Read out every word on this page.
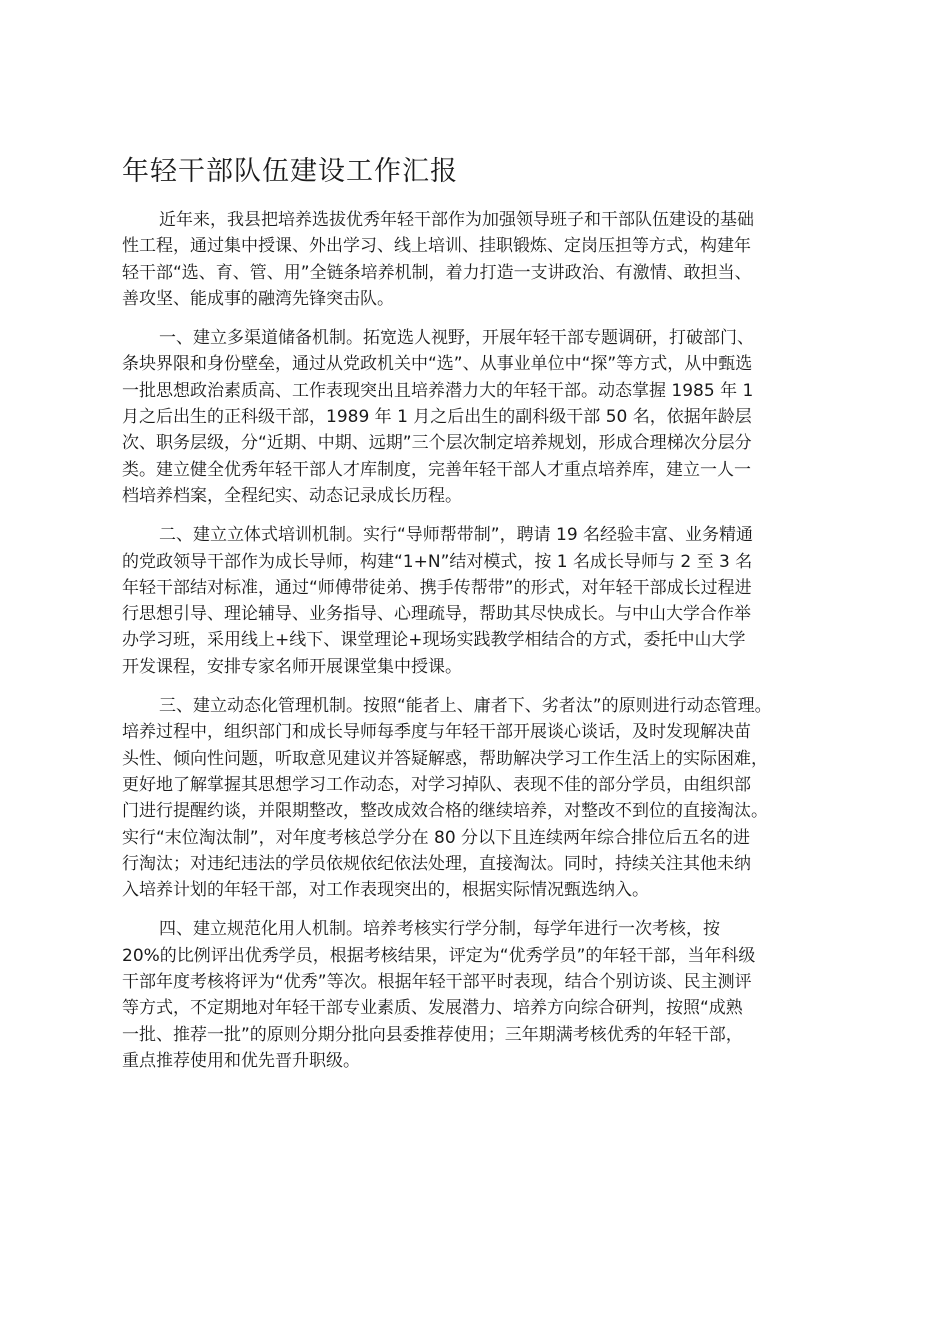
年轻干部队伍建设工作汇报

近年来，我县把培养选拔优秀年轻干部作为加强领导班子和干部队伍建设的基础
性工程，通过集中授课、外出学习、线上培训、挂职锻炼、定岗压担等方式，构建年
轻干部“选、育、管、用”全链条培养机制，着力打造一支讲政治、有激情、敢担当、
善攻坚、能成事的融湾先锋突击队。

一、建立多渠道储备机制。拓宽选人视野，开展年轻干部专题调研，打破部门、
条块界限和身份壁垒，通过从党政机关中“选”、从事业单位中“探”等方式，从中甄选
一批思想政治素质高、工作表现突出且培养潜力大的年轻干部。动态掌握 1985 年 1
月之后出生的正科级干部，1989 年 1 月之后出生的副科级干部 50 名，依据年龄层
次、职务层级，分“近期、中期、远期”三个层次制定培养规划，形成合理梯次分层分
类。建立健全优秀年轻干部人才库制度，完善年轻干部人才重点培养库，建立一人一
档培养档案，全程纪实、动态记录成长历程。

二、建立立体式培训机制。实行“导师帮带制”，聘请 19 名经验丰富、业务精通
的党政领导干部作为成长导师，构建“1+N”结对模式，按 1 名成长导师与 2 至 3 名
年轻干部结对标准，通过“师傅带徒弟、携手传帮带”的形式，对年轻干部成长过程进
行思想引导、理论辅导、业务指导、心理疏导，帮助其尽快成长。与中山大学合作举
办学习班，采用线上+线下、课堂理论+现场实践教学相结合的方式，委托中山大学
开发课程，安排专家名师开展课堂集中授课。

三、建立动态化管理机制。按照“能者上、庸者下、劣者汰”的原则进行动态管理。
培养过程中，组织部门和成长导师每季度与年轻干部开展谈心谈话，及时发现解决苗
头性、倾向性问题，听取意见建议并答疑解惑，帮助解决学习工作生活上的实际困难，
更好地了解掌握其思想学习工作动态，对学习掉队、表现不佳的部分学员，由组织部
门进行提醒约谈，并限期整改，整改成效合格的继续培养，对整改不到位的直接淘汰。
实行“末位淘汰制”，对年度考核总学分在 80 分以下且连续两年综合排位后五名的进
行淘汰；对违纪违法的学员依规依纪依法处理，直接淘汰。同时，持续关注其他未纳
入培养计划的年轻干部，对工作表现突出的，根据实际情况甄选纳入。

四、建立规范化用人机制。培养考核实行学分制，每学年进行一次考核，按
20%的比例评出优秀学员，根据考核结果，评定为“优秀学员”的年轻干部，当年科级
干部年度考核将评为“优秀”等次。根据年轻干部平时表现，结合个别访谈、民主测评
等方式，不定期地对年轻干部专业素质、发展潜力、培养方向综合研判，按照“成熟
一批、推荐一批”的原则分期分批向县委推荐使用；三年期满考核优秀的年轻干部，
重点推荐使用和优先晋升职级。
